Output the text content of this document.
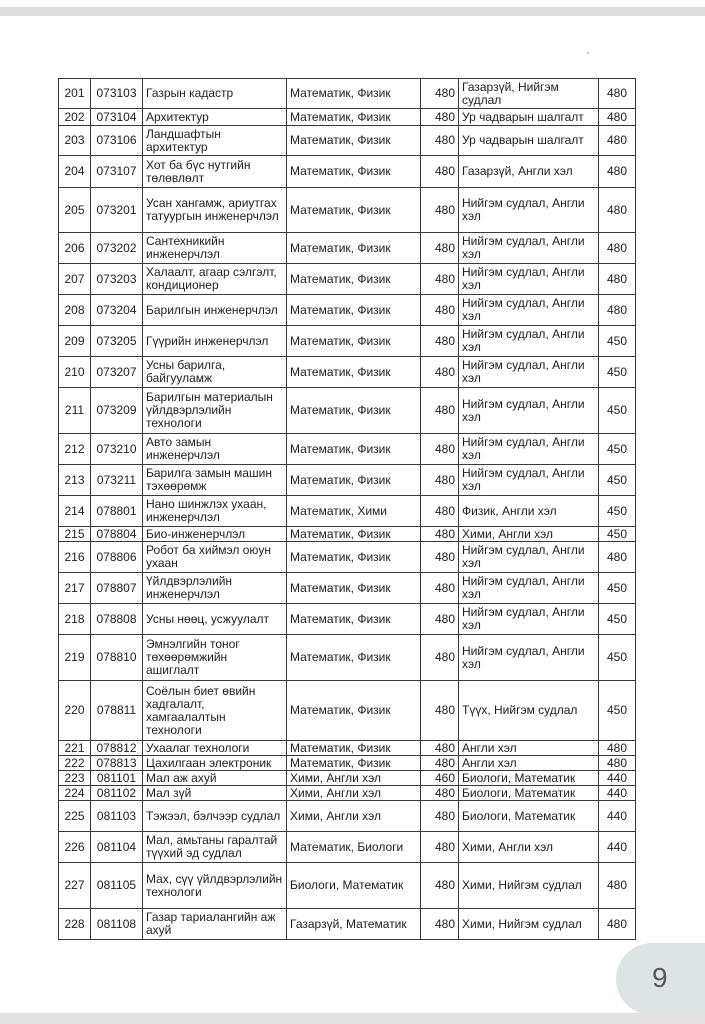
201	073103	Газрын кадастр	Математик, Физик	480	Газарзүй, Нийгэм судлал	480
202	073104	Архитектур	Математик, Физик	480	Ур чадварын шалгалт	480
203	073106	Ландшафтын архитектур	Математик, Физик	480	Ур чадварын шалгалт	480
204	073107	Хот ба бүс нутгийн төлөвлөлт	Математик, Физик	480	Газарзүй, Англи хэл	480
205	073201	Усан хангамж, ариутгах татуургын инженерчлэл	Математик, Физик	480	Нийгэм судлал, Англи хэл	480
206	073202	Сантехникийн инженерчлэл	Математик, Физик	480	Нийгэм судлал, Англи хэл	480
207	073203	Халаалт, агаар сэлгэлт, кондиционер	Математик, Физик	480	Нийгэм судлал, Англи хэл	480
208	073204	Барилгын инженерчлэл	Математик, Физик	480	Нийгэм судлал, Англи хэл	480
209	073205	Гүүрийн инженерчлэл	Математик, Физик	480	Нийгэм судлал, Англи хэл	450
210	073207	Усны барилга, байгууламж	Математик, Физик	480	Нийгэм судлал, Англи хэл	450
211	073209	Барилгын материалын үйлдвэрлэлийн технологи	Математик, Физик	480	Нийгэм судлал, Англи хэл	450
212	073210	Авто замын инженерчлэл	Математик, Физик	480	Нийгэм судлал, Англи хэл	450
213	073211	Барилга замын машин тэхөөрөмж	Математик, Физик	480	Нийгэм судлал, Англи хэл	450
214	078801	Нано шинжлэх ухаан, инженерчлэл	Математик, Хими	480	Физик, Англи хэл	450
215	078804	Био-инженерчлэл	Математик, Физик	480	Хими, Англи хэл	450
216	078806	Робот ба хиймэл оюун ухаан	Математик, Физик	480	Нийгэм судлал, Англи хэл	480
217	078807	Үйлдвэрлэлийн инженерчлэл	Математик, Физик	480	Нийгэм судлал, Англи хэл	450
218	078808	Усны нөөц, усжуулалт	Математик, Физик	480	Нийгэм судлал, Англи хэл	450
219	078810	Эмнэлгийн тоног төхөөрөмжийн ашиглалт	Математик, Физик	480	Нийгэм судлал, Англи хэл	450
220	078811	Соёлын биет өвийн хадгалалт, хамгаалалтын технологи	Математик, Физик	480	Түүх, Нийгэм судлал	450
221	078812	Ухаалаг технологи	Математик, Физик	480	Англи хэл	480
222	078813	Цахилгаан электроник	Математик, Физик	480	Англи хэл	480
223	081101	Мал аж ахуй	Хими, Англи хэл	460	Биологи, Математик	440
224	081102	Мал зүй	Хими, Англи хэл	480	Биологи, Математик	440
225	081103	Тэжээл, бэлчээр судлал	Хими, Англи хэл	480	Биологи, Математик	440
226	081104	Мал, амьтаны гаралтай түүхий эд судлал	Математик, Биологи	480	Хими, Англи хэл	440
227	081105	Мах, сүү үйлдвэрлэлийн технологи	Биологи, Математик	480	Хими, Нийгэм судлал	480
228	081108	Газар тариалангийн аж ахуй	Газарзүй, Математик	480	Хими, Нийгэм судлал	480
9
